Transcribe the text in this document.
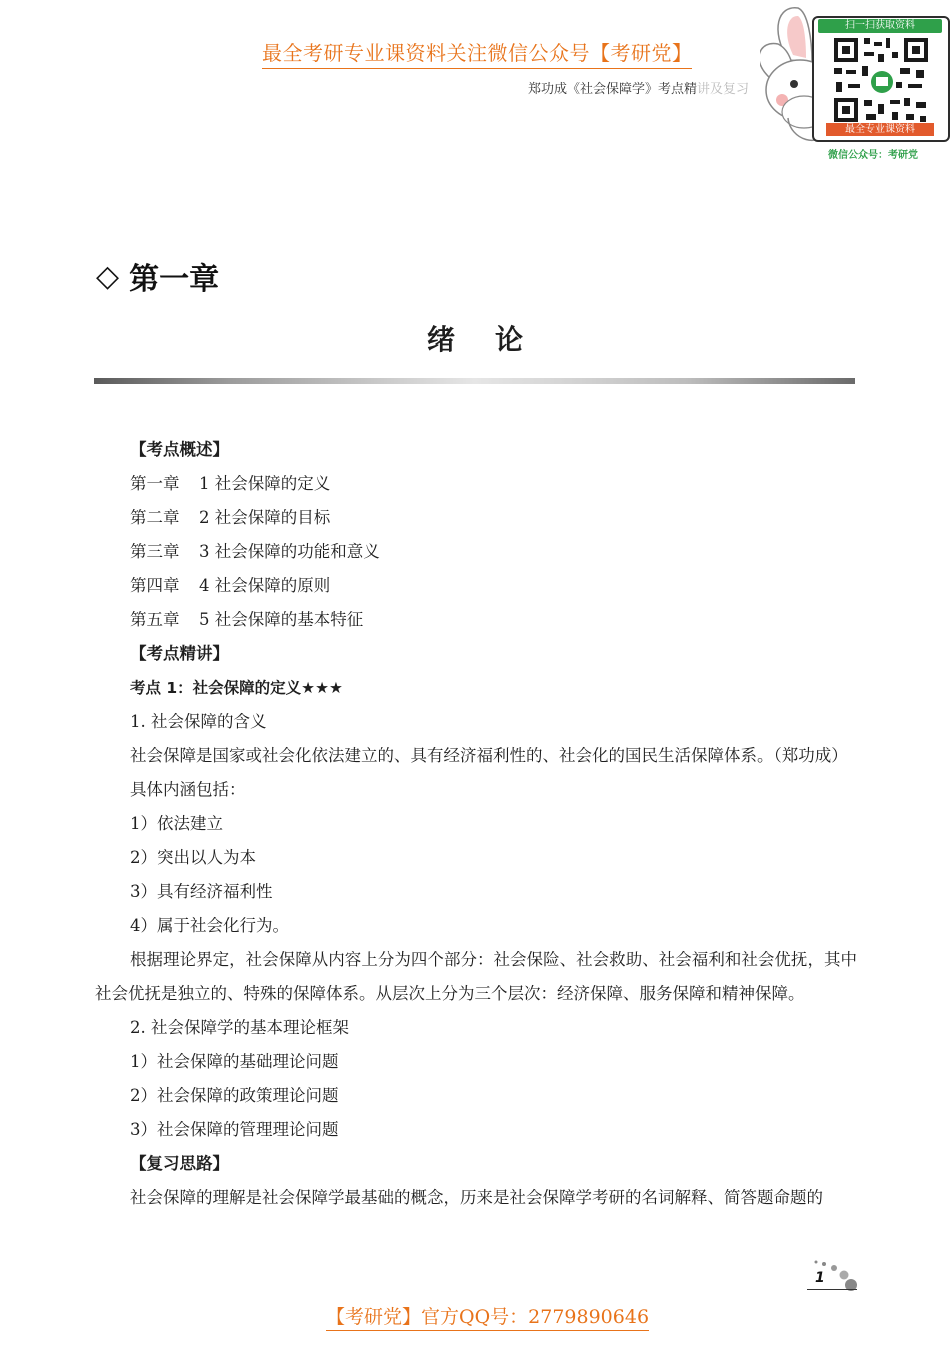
最全考研专业课资料关注微信公众号【考研党】
郑功成《社会保障学》考点精讲及复习
扫一扫获取资料
最全专业课资料
微信公众号：考研党
◇ 第一章
绪论
【考点概述】
第一章 1 社会保障的定义
第二章 2 社会保障的目标
第三章 3 社会保障的功能和意义
第四章 4 社会保障的原则
第五章 5 社会保障的基本特征
【考点精讲】
考点 1：社会保障的定义★★★
1. 社会保障的含义
社会保障是国家或社会化依法建立的、具有经济福利性的、社会化的国民生活保障体系。（郑功成）
具体内涵包括：
1）依法建立
2）突出以人为本
3）具有经济福利性
4）属于社会化行为。
根据理论界定，社会保障从内容上分为四个部分：社会保险、社会救助、社会福利和社会优抚，其中社会优抚是独立的、特殊的保障体系。从层次上分为三个层次：经济保障、服务保障和精神保障。
2. 社会保障学的基本理论框架
1）社会保障的基础理论问题
2）社会保障的政策理论问题
3）社会保障的管理理论问题
【复习思路】
社会保障的理解是社会保障学最基础的概念，历来是社会保障学考研的名词解释、简答题命题的
1
【考研党】官方QQ号：2779890646
